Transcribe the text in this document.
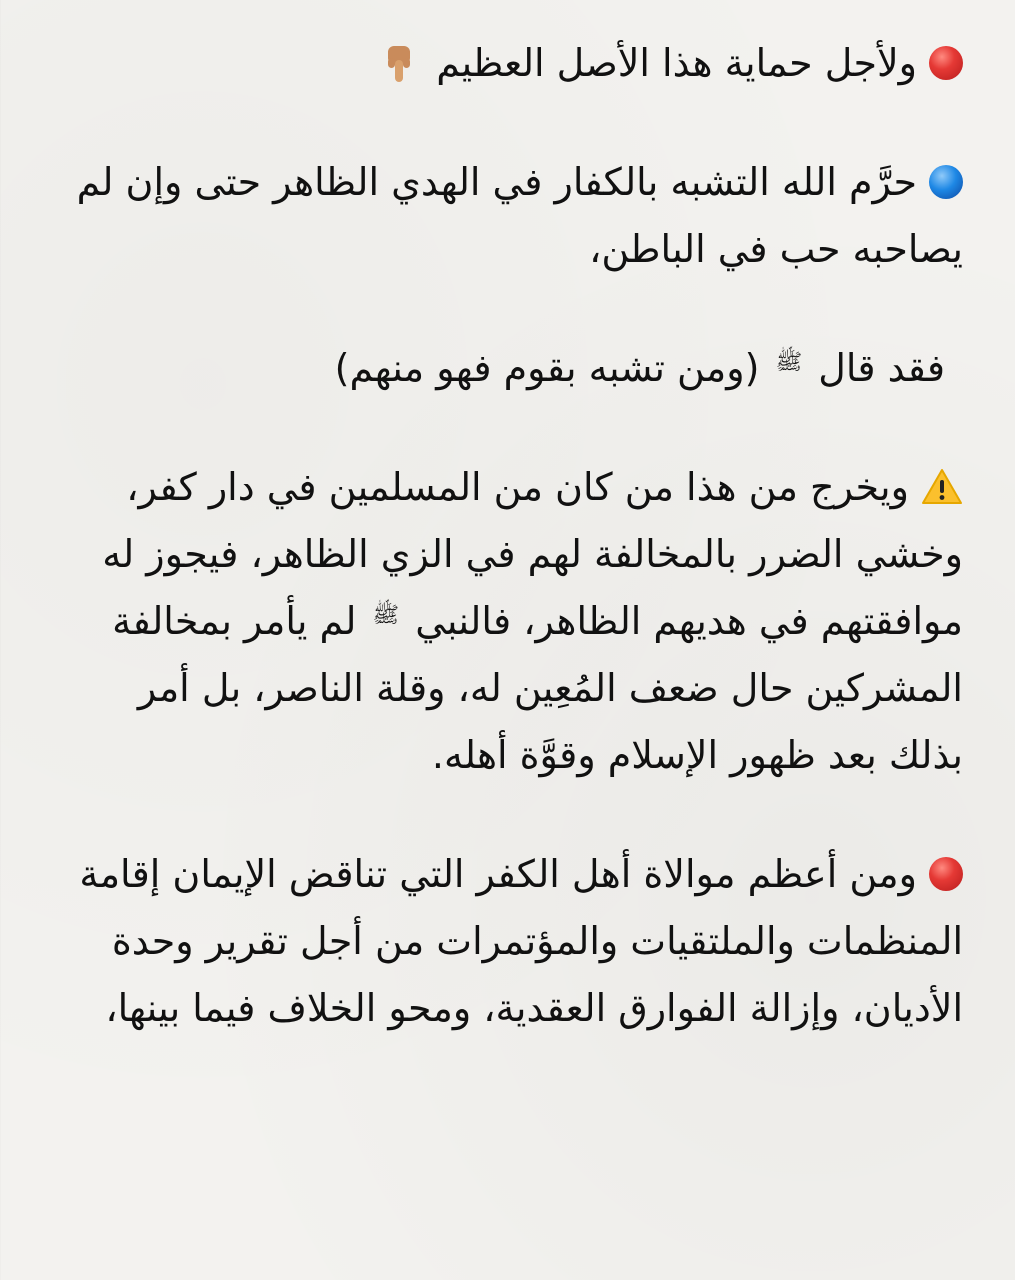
ولأجل حماية هذا الأصل العظيم

حرَّم الله التشبه بالكفار في الهدي الظاهر حتى وإن لم يصاحبه حب في الباطن،

فقد قال ﷺ (ومن تشبه بقوم فهو منهم)

ويخرج من هذا من كان من المسلمين في دار كفر، وخشي الضرر بالمخالفة لهم في الزي الظاهر، فيجوز له موافقتهم في هديهم الظاهر، فالنبي ﷺ لم يأمر بمخالفة المشركين حال ضعف المُعِين له، وقلة الناصر، بل أمر بذلك بعد ظهور الإسلام وقوَّة أهله.

ومن أعظم موالاة أهل الكفر التي تناقض الإيمان إقامة المنظمات والملتقيات والمؤتمرات من أجل تقرير وحدة الأديان، وإزالة الفوارق العقدية، ومحو الخلاف فيما بينها،
